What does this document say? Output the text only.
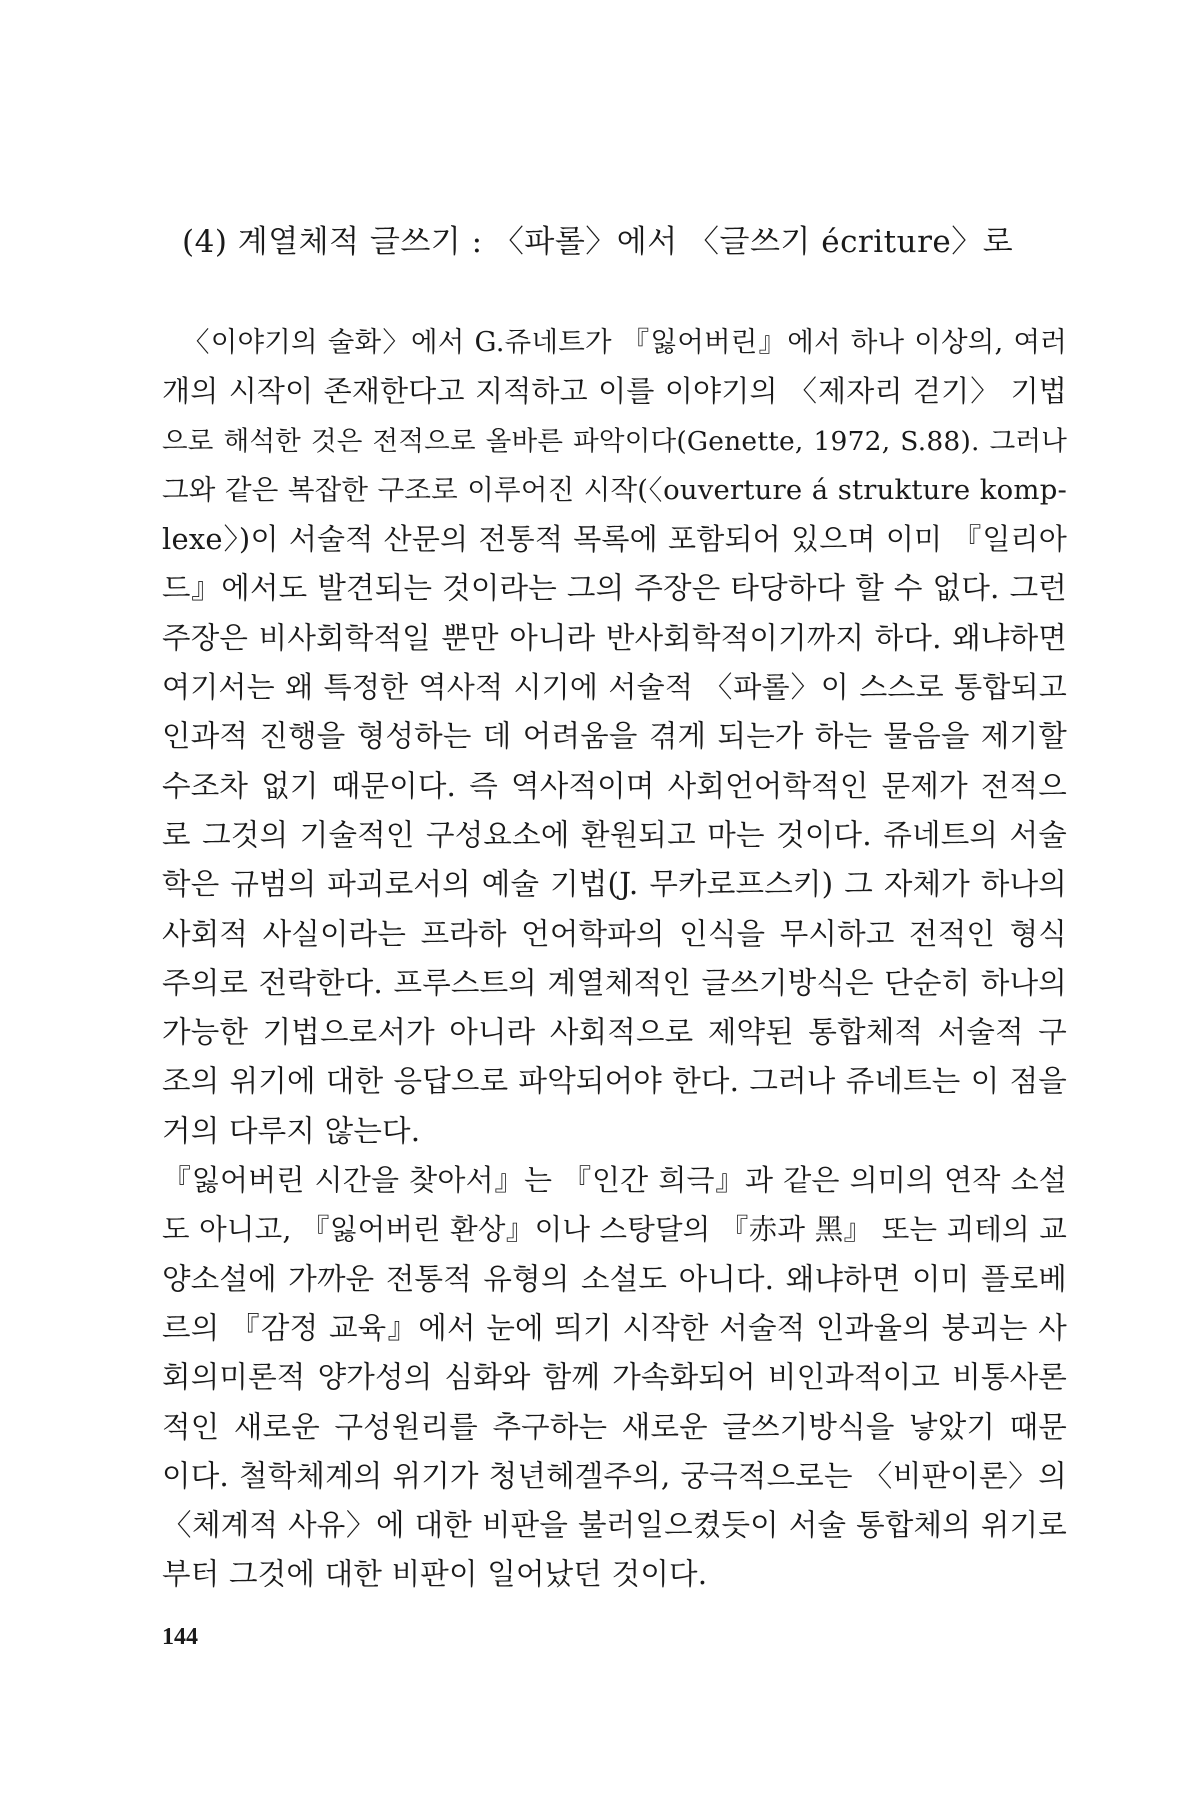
(4) 계열체적 글쓰기 : 〈파롤〉에서 〈글쓰기 écriture〉로
〈이야기의 술화〉에서 G.쥬네트가 『잃어버린』에서 하나 이상의, 여러
개의 시작이 존재한다고 지적하고 이를 이야기의 〈제자리 걷기〉 기법
으로 해석한 것은 전적으로 올바른 파악이다(Genette, 1972, S.88). 그러나
그와 같은 복잡한 구조로 이루어진 시작(〈ouverture á strukture komp-
lexe〉)이 서술적 산문의 전통적 목록에 포함되어 있으며 이미 『일리아
드』에서도 발견되는 것이라는 그의 주장은 타당하다 할 수 없다. 그런
주장은 비사회학적일 뿐만 아니라 반사회학적이기까지 하다. 왜냐하면
여기서는 왜 특정한 역사적 시기에 서술적 〈파롤〉이 스스로 통합되고
인과적 진행을 형성하는 데 어려움을 겪게 되는가 하는 물음을 제기할
수조차 없기 때문이다. 즉 역사적이며 사회언어학적인 문제가 전적으
로 그것의 기술적인 구성요소에 환원되고 마는 것이다. 쥬네트의 서술
학은 규범의 파괴로서의 예술 기법(J. 무카로프스키) 그 자체가 하나의
사회적 사실이라는 프라하 언어학파의 인식을 무시하고 전적인 형식
주의로 전락한다. 프루스트의 계열체적인 글쓰기방식은 단순히 하나의
가능한 기법으로서가 아니라 사회적으로 제약된 통합체적 서술적 구
조의 위기에 대한 응답으로 파악되어야 한다. 그러나 쥬네트는 이 점을
거의 다루지 않는다.
『잃어버린 시간을 찾아서』는 『인간 희극』과 같은 의미의 연작 소설
도 아니고, 『잃어버린 환상』이나 스탕달의 『赤과 黑』 또는 괴테의 교
양소설에 가까운 전통적 유형의 소설도 아니다. 왜냐하면 이미 플로베
르의 『감정 교육』에서 눈에 띄기 시작한 서술적 인과율의 붕괴는 사
회의미론적 양가성의 심화와 함께 가속화되어 비인과적이고 비통사론
적인 새로운 구성원리를 추구하는 새로운 글쓰기방식을 낳았기 때문
이다. 철학체계의 위기가 청년헤겔주의, 궁극적으로는 〈비판이론〉의
〈체계적 사유〉에 대한 비판을 불러일으켰듯이 서술 통합체의 위기로
부터 그것에 대한 비판이 일어났던 것이다.
144
